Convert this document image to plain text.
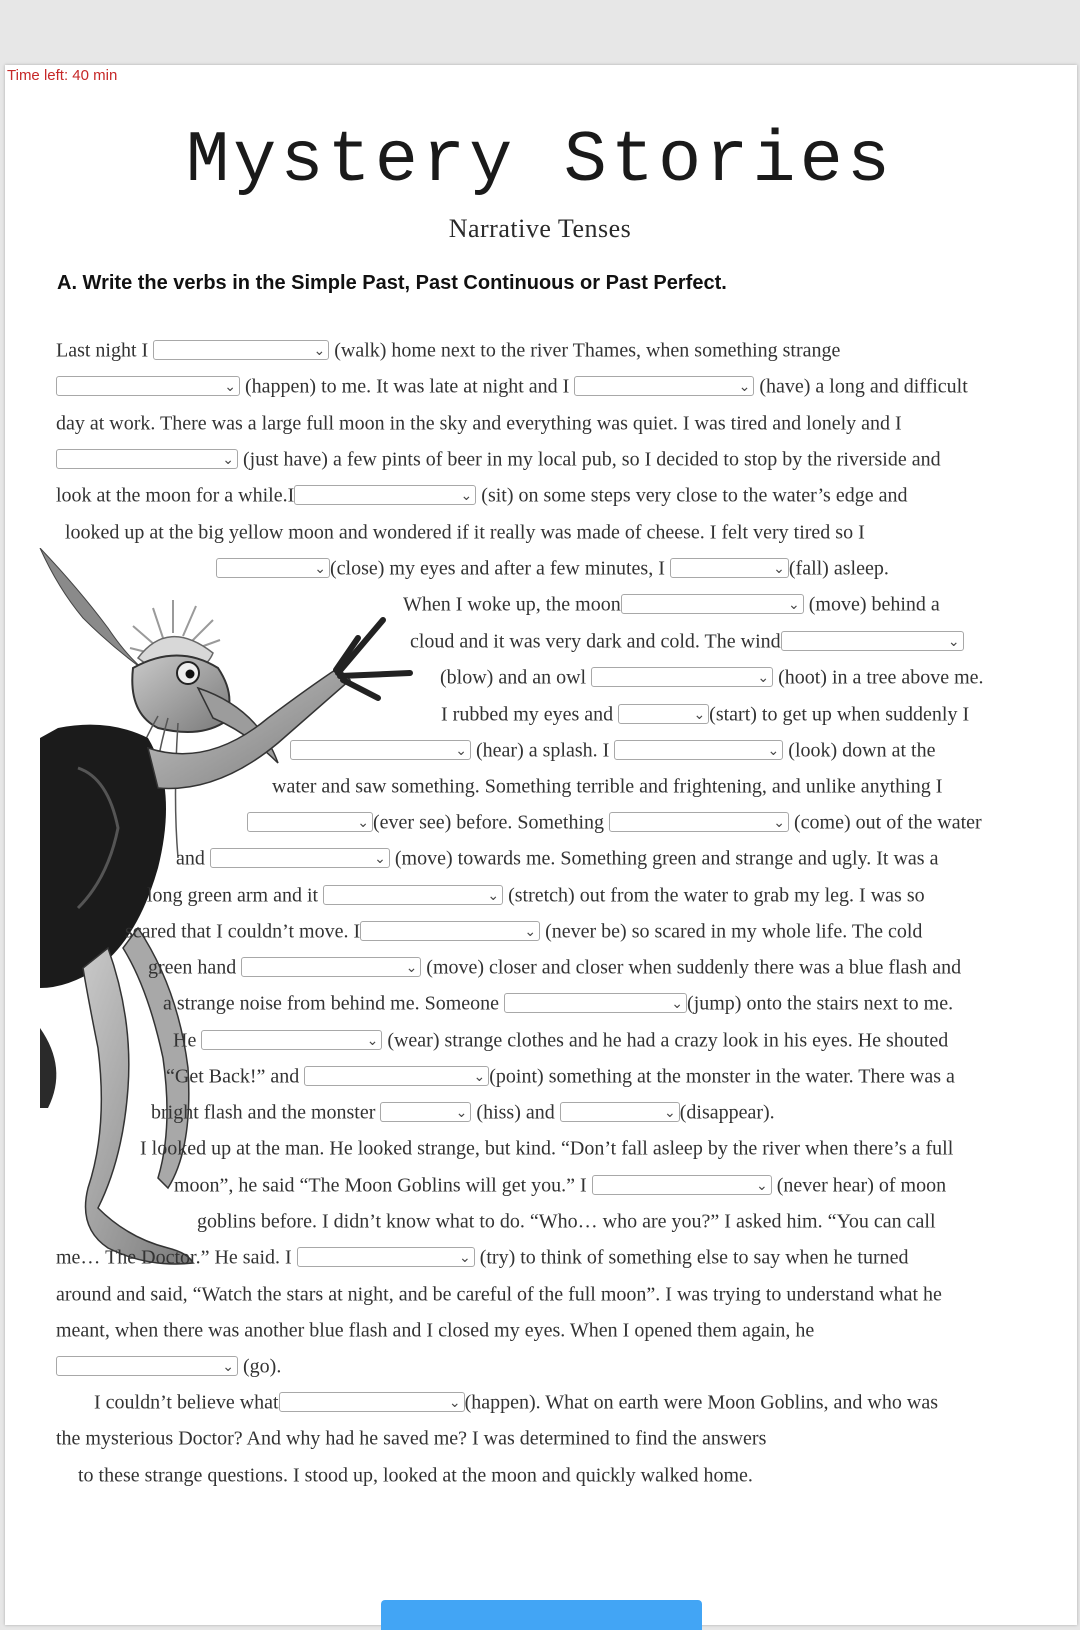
Time left: 40 min
Mystery Stories
Narrative Tenses
A. Write the verbs in the Simple Past, Past Continuous or Past Perfect.
Last night I ⌄	(walk) home next to the river Thames, when something strange
⌄ (happen) to me. It was late at night and I ⌄	(have) a long and difficult
day at work. There was a large full moon in the sky and everything was quiet. I was tired and lonely and I
⌄ (just have) a few pints of beer in my local pub, so I decided to stop by the riverside and
look at the moon for a while.I ⌄	(sit) on some steps very close to the water’s edge and
looked up at the big yellow moon and wondered if it really was made of cheese. I felt very tired so I
⌄(close) my eyes and after a few minutes, I ⌄	(fall) asleep.
When I woke up, the moon ⌄	(move) behind a
cloud and it was very dark and cold. The wind⌄
(blow) and an owl ⌄	(hoot) in a tree above me.
I rubbed my eyes and ⌄	(start) to get up when suddenly I
⌄ (hear) a splash. I ⌄	(look) down at the
water and saw something. Something terrible and frightening, and unlike anything I
⌄(ever see) before. Something ⌄	(come) out of the water
and ⌄	(move) towards me. Something green and strange and ugly. It was a
long green arm and it ⌄	(stretch) out from the water to grab my leg. I was so
scared that I couldn’t move. I ⌄	(never be) so scared in my whole life. The cold
green hand ⌄	(move) closer and closer when suddenly there was a blue flash and
a strange noise from behind me. Someone ⌄	(jump) onto the stairs next to me.
He ⌄	(wear) strange clothes and he had a crazy look in his eyes. He shouted
“Get Back!” and ⌄	(point) something at the monster in the water. There was a
bright flash and the monster ⌄	(hiss) and ⌄	(disappear).
I looked up at the man. He looked strange, but kind. “Don’t fall asleep by the river when there’s a full
moon”, he said “The Moon Goblins will get you.” I ⌄	(never hear) of moon
goblins before. I didn’t know what to do. “Who… who are you?” I asked him. “You can call
me… The Doctor.” He said. I ⌄	(try) to think of something else to say when he turned
around and said, “Watch the stars at night, and be careful of the full moon”. I was trying to understand what he
meant, when there was another blue flash and I closed my eyes. When I opened them again, he
⌄ (go).
I couldn’t believe what ⌄	(happen). What on earth were Moon Goblins, and who was
the mysterious Doctor? And why had he saved me? I was determined to find the answers
to these strange questions. I stood up, looked at the moon and quickly walked home.
